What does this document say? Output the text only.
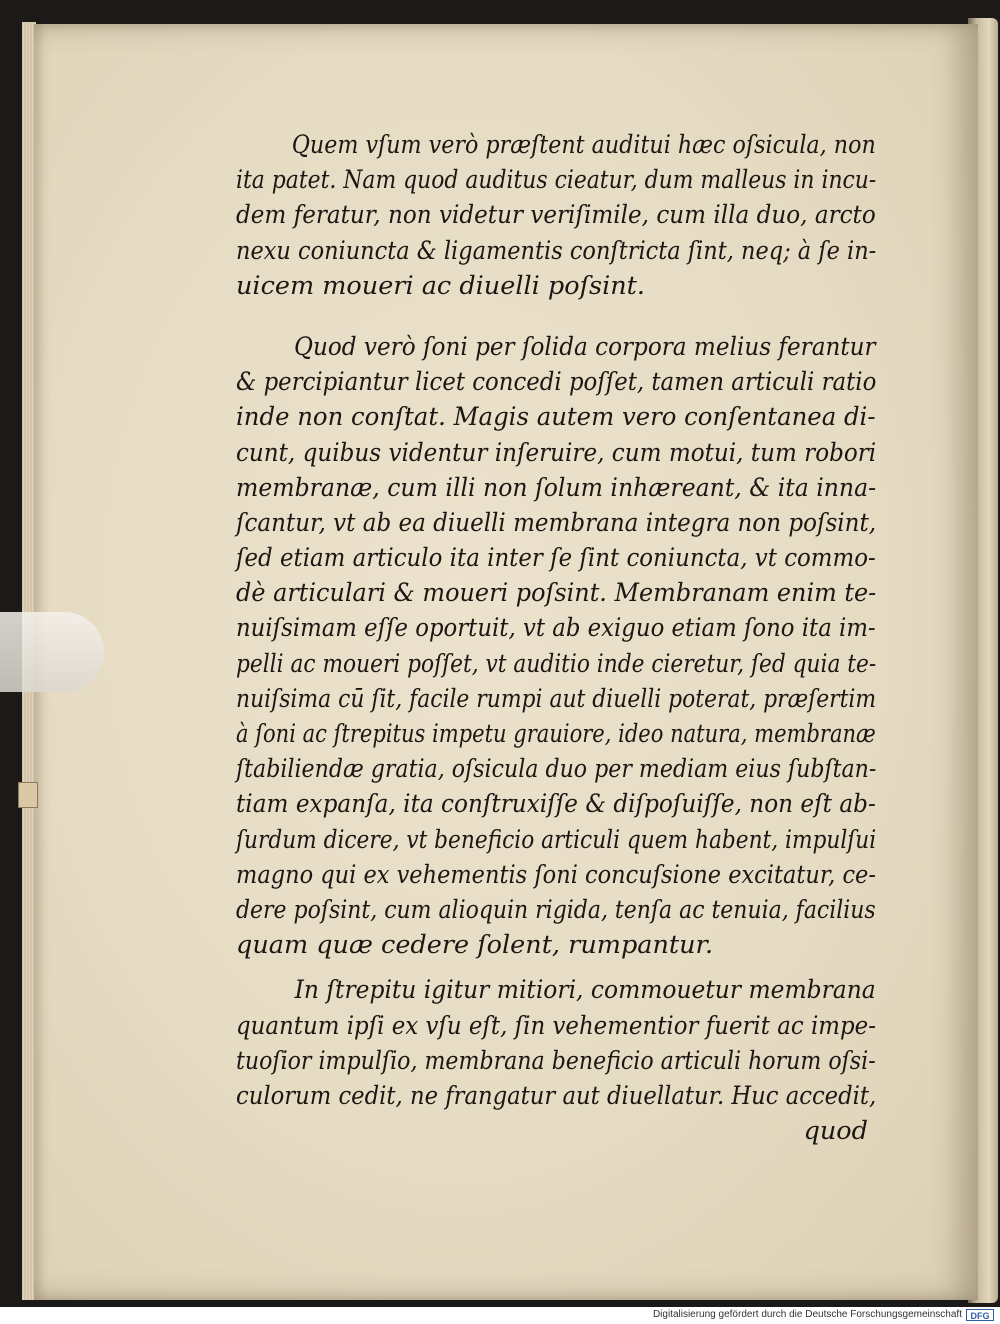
Quem vſum verò præſtent auditui hæc oſsicula, non
ita patet. Nam quod auditus cieatur, dum malleus in incu-
dem feratur, non videtur veriſimile, cum illa duo, arcto
nexu coniuncta & ligamentis conſtricta ſint, neq; à ſe in-
uicem moueri ac diuelli poſsint.
Quod verò ſoni per ſolida corpora melius ferantur
& percipiantur licet concedi poſſet, tamen articuli ratio
inde non conſtat. Magis autem vero conſentanea di-
cunt, quibus videntur inſeruire, cum motui, tum robori
membranæ, cum illi non ſolum inhæreant, & ita inna-
ſcantur, vt ab ea diuelli membrana integra non poſsint,
ſed etiam articulo ita inter ſe ſint coniuncta, vt commo-
dè articulari & moueri poſsint. Membranam enim te-
nuiſsimam eſſe oportuit, vt ab exiguo etiam ſono ita im-
pelli ac moueri poſſet, vt auditio inde cieretur, ſed quia te-
nuiſsima cū ſit, facile rumpi aut diuelli poterat, præſertim
à ſoni ac ſtrepitus impetu grauiore, ideo natura, membranæ
ſtabiliendæ gratia, oſsicula duo per mediam eius ſubſtan-
tiam expanſa, ita conſtruxiſſe & diſpoſuiſſe, non eſt ab-
ſurdum dicere, vt beneficio articuli quem habent, impulſui
magno qui ex vehementis ſoni concuſsione excitatur, ce-
dere poſsint, cum alioquin rigida, tenſa ac tenuia, facilius
quam quæ cedere ſolent, rumpantur.
In ſtrepitu igitur mitiori, commouetur membrana
quantum ipſi ex vſu eſt, ſin vehementior fuerit ac impe-
tuoſior impulſio, membrana beneficio articuli horum oſsi-
culorum cedit, ne frangatur aut diuellatur. Huc accedit,
quod
Digitalisierung gefördert durch die Deutsche Forschungsgemeinschaft DFG
